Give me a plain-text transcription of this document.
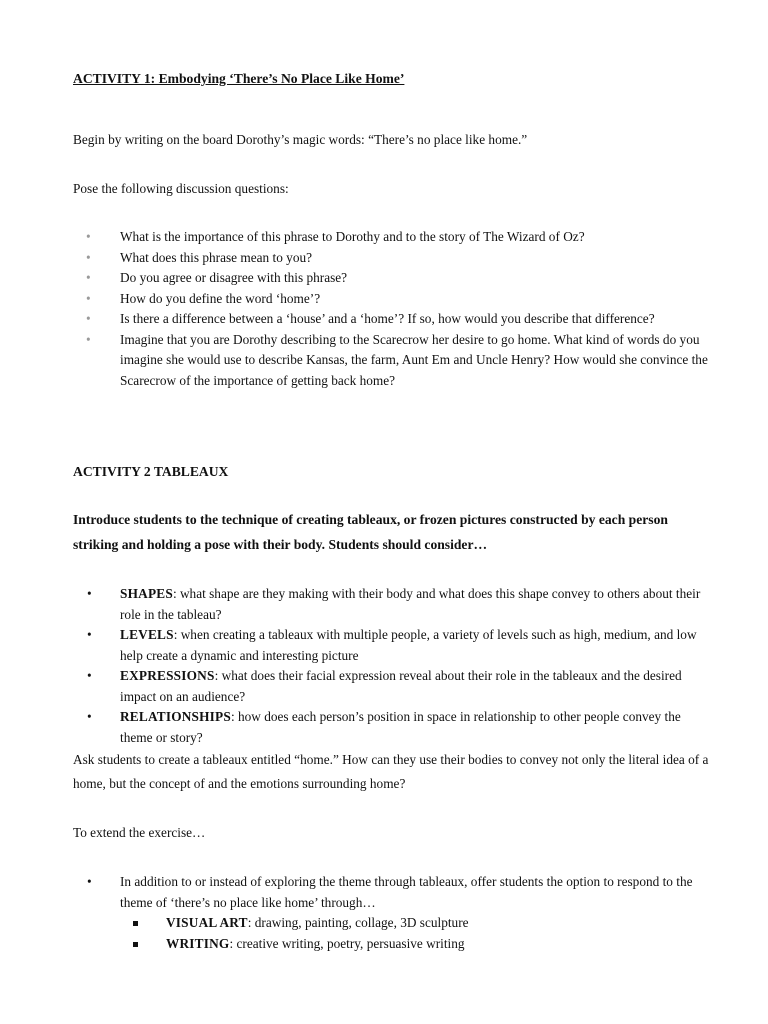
ACTIVITY 1: Embodying ‘There’s No Place Like Home’
Begin by writing on the board Dorothy’s magic words: “There’s no place like home.”
Pose the following discussion questions:
• What is the importance of this phrase to Dorothy and to the story of The Wizard of Oz?
• What does this phrase mean to you?
• Do you agree or disagree with this phrase?
• How do you define the word ‘home’?
• Is there a difference between a ‘house’ and a ‘home’? If so, how would you describe that difference?
• Imagine that you are Dorothy describing to the Scarecrow her desire to go home. What kind of words do you imagine she would use to describe Kansas, the farm, Aunt Em and Uncle Henry? How would she convince the Scarecrow of the importance of getting back home?
ACTIVITY 2 TABLEAUX
Introduce students to the technique of creating tableaux, or frozen pictures constructed by each person striking and holding a pose with their body. Students should consider…
• SHAPES: what shape are they making with their body and what does this shape convey to others about their role in the tableau?
• LEVELS: when creating a tableaux with multiple people, a variety of levels such as high, medium, and low help create a dynamic and interesting picture
• EXPRESSIONS: what does their facial expression reveal about their role in the tableaux and the desired impact on an audience?
• RELATIONSHIPS: how does each person’s position in space in relationship to other people convey the theme or story?
Ask students to create a tableaux entitled “home.” How can they use their bodies to convey not only the literal idea of a home, but the concept of and the emotions surrounding home?
To extend the exercise…
• In addition to or instead of exploring the theme through tableaux, offer students the option to respond to the theme of ‘there’s no place like home’ through…
VISUAL ART: drawing, painting, collage, 3D sculpture
WRITING: creative writing, poetry, persuasive writing
